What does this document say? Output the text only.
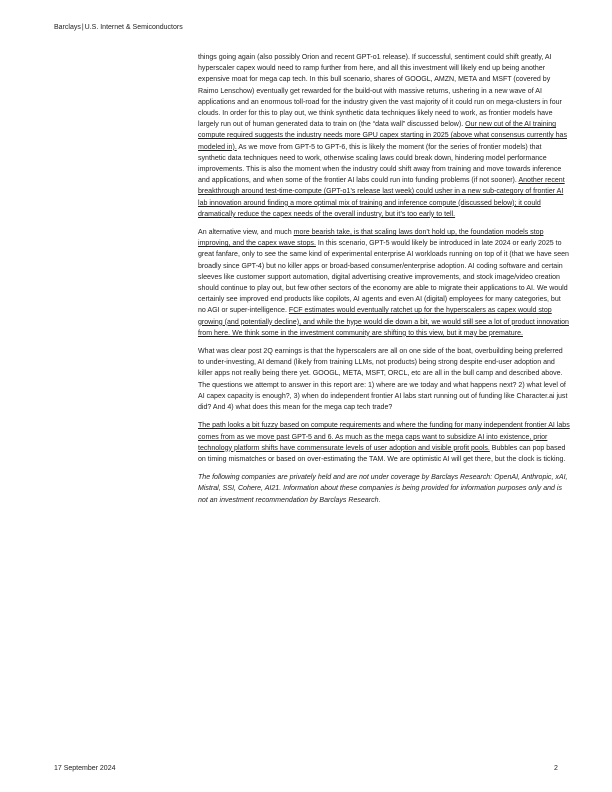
Barclays|U.S. Internet & Semiconductors

things going again (also possibly Orion and recent GPT-o1 release). If successful, sentiment could shift greatly, AI hyperscaler capex would need to ramp further from here, and all this investment will likely end up being another expensive moat for mega cap tech. In this bull scenario, shares of GOOGL, AMZN, META and MSFT (covered by Raimo Lenschow) eventually get rewarded for the build-out with massive returns, ushering in a new wave of AI applications and an enormous toll-road for the industry given the vast majority of it could run on mega-clusters in four clouds. In order for this to play out, we think synthetic data techniques likely need to work, as frontier models have largely run out of human generated data to train on (the “data wall” discussed below). Our new cut of the AI training compute required suggests the industry needs more GPU capex starting in 2025 (above what consensus currently has modeled in). As we move from GPT-5 to GPT-6, this is likely the moment (for the series of frontier models) that synthetic data techniques need to work, otherwise scaling laws could break down, hindering model performance improvements. This is also the moment when the industry could shift away from training and move towards inference and applications, and when some of the frontier AI labs could run into funding problems (if not sooner). Another recent breakthrough around test-time-compute (GPT-o1’s release last week) could usher in a new sub-category of frontier AI lab innovation around finding a more optimal mix of training and inference compute (discussed below); it could dramatically reduce the capex needs of the overall industry, but it’s too early to tell.

An alternative view, and much more bearish take, is that scaling laws don’t hold up, the foundation models stop improving, and the capex wave stops. In this scenario, GPT-5 would likely be introduced in late 2024 or early 2025 to great fanfare, only to see the same kind of experimental enterprise AI workloads running on top of it (that we have seen broadly since GPT-4) but no killer apps or broad-based consumer/enterprise adoption. AI coding software and certain sleeves like customer support automation, digital advertising creative improvements, and stock image/video creation should continue to play out, but few other sectors of the economy are able to migrate their applications to AI. We would certainly see improved end products like copilots, AI agents and even AI (digital) employees for many categories, but no AGI or super-intelligence. FCF estimates would eventually ratchet up for the hyperscalers as capex would stop growing (and potentially decline), and while the hype would die down a bit, we would still see a lot of product innovation from here. We think some in the investment community are shifting to this view, but it may be premature.

What was clear post 2Q earnings is that the hyperscalers are all on one side of the boat, overbuilding being preferred to under-investing, AI demand (likely from training LLMs, not products) being strong despite end-user adoption and killer apps not really being there yet. GOOGL, META, MSFT, ORCL, etc are all in the bull camp and described above. The questions we attempt to answer in this report are: 1) where are we today and what happens next? 2) what level of AI capex capacity is enough?, 3) when do independent frontier AI labs start running out of funding like Character.ai just did? And 4) what does this mean for the mega cap tech trade?

The path looks a bit fuzzy based on compute requirements and where the funding for many independent frontier AI labs comes from as we move past GPT-5 and 6. As much as the mega caps want to subsidize AI into existence, prior technology platform shifts have commensurate levels of user adoption and visible profit pools. Bubbles can pop based on timing mismatches or based on over-estimating the TAM. We are optimistic AI will get there, but the clock is ticking.

The following companies are privately held and are not under coverage by Barclays Research: OpenAI, Anthropic, xAI, Mistral, SSI, Cohere, AI21. Information about these companies is being provided for information purposes only and is not an investment recommendation by Barclays Research.

17 September 2024	2
